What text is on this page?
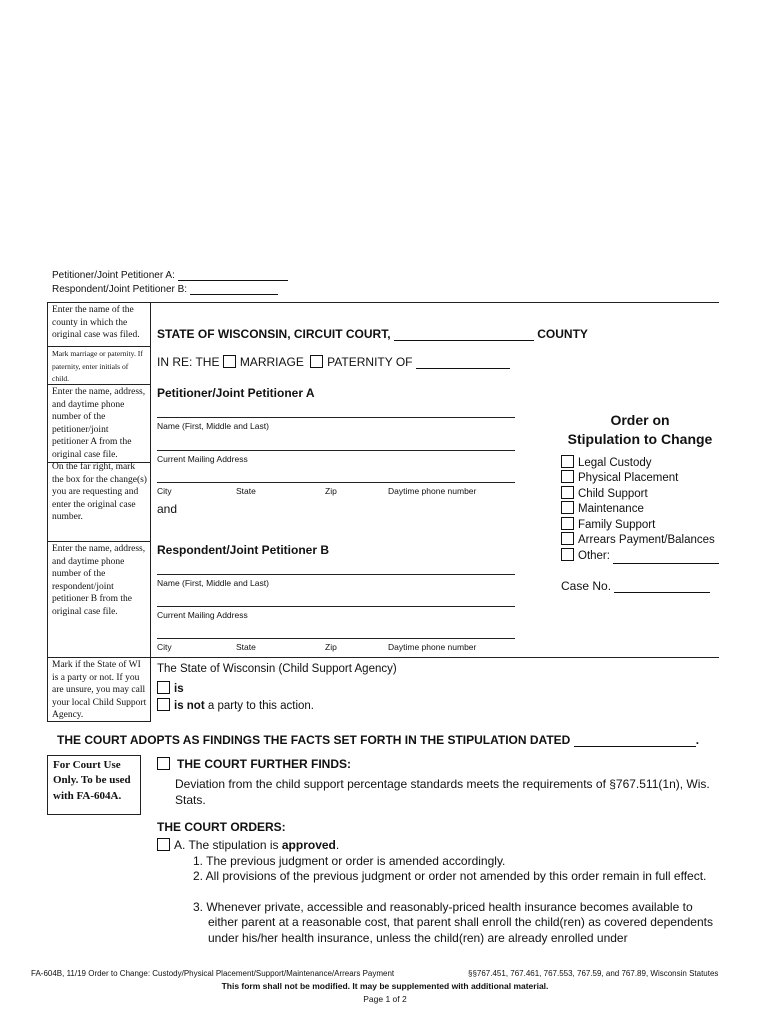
Petitioner/Joint Petitioner A:
Respondent/Joint Petitioner B:
Enter the name of the county in which the original case was filed.
Mark marriage or paternity. If paternity, enter initials of child.
Enter the name, address, and daytime phone number of the petitioner/joint petitioner A from the original case file.
On the far right, mark the box for the change(s) you are requesting and enter the original case number.
Enter the name, address, and daytime phone number of the respondent/joint petitioner B from the original case file.
Mark if the State of WI is a party or not. If you are unsure, you may call your local Child Support Agency.
STATE OF WISCONSIN, CIRCUIT COURT,	COUNTY
IN RE: THE MARRIAGE PATERNITY OF
Petitioner/Joint Petitioner A
Name (First, Middle and Last)
Current Mailing Address
City	State	Zip	Daytime phone number
and
Respondent/Joint Petitioner B
Name (First, Middle and Last)
Current Mailing Address
City	State	Zip	Daytime phone number
Order on
Stipulation to Change
Legal Custody
Physical Placement
Child Support
Maintenance
Family Support
Arrears Payment/Balances
Other:
Case No.
The State of Wisconsin (Child Support Agency)
is
is not a party to this action.
THE COURT ADOPTS AS FINDINGS THE FACTS SET FORTH IN THE STIPULATION DATED	.
For Court Use Only. To be used with FA-604A.
THE COURT FURTHER FINDS:
Deviation from the child support percentage standards meets the requirements of §767.511(1n), Wis. Stats.
THE COURT ORDERS:
A. The stipulation is approved.
1. The previous judgment or order is amended accordingly.
2. All provisions of the previous judgment or order not amended by this order remain in full effect.
3. Whenever private, accessible and reasonably-priced health insurance becomes available to either parent at a reasonable cost, that parent shall enroll the child(ren) as covered dependents under his/her health insurance, unless the child(ren) are already enrolled under
FA-604B, 11/19 Order to Change: Custody/Physical Placement/Support/Maintenance/Arrears Payment	§§767.451, 767.461, 767.553, 767.59, and 767.89, Wisconsin Statutes
This form shall not be modified. It may be supplemented with additional material.
Page 1 of 2
